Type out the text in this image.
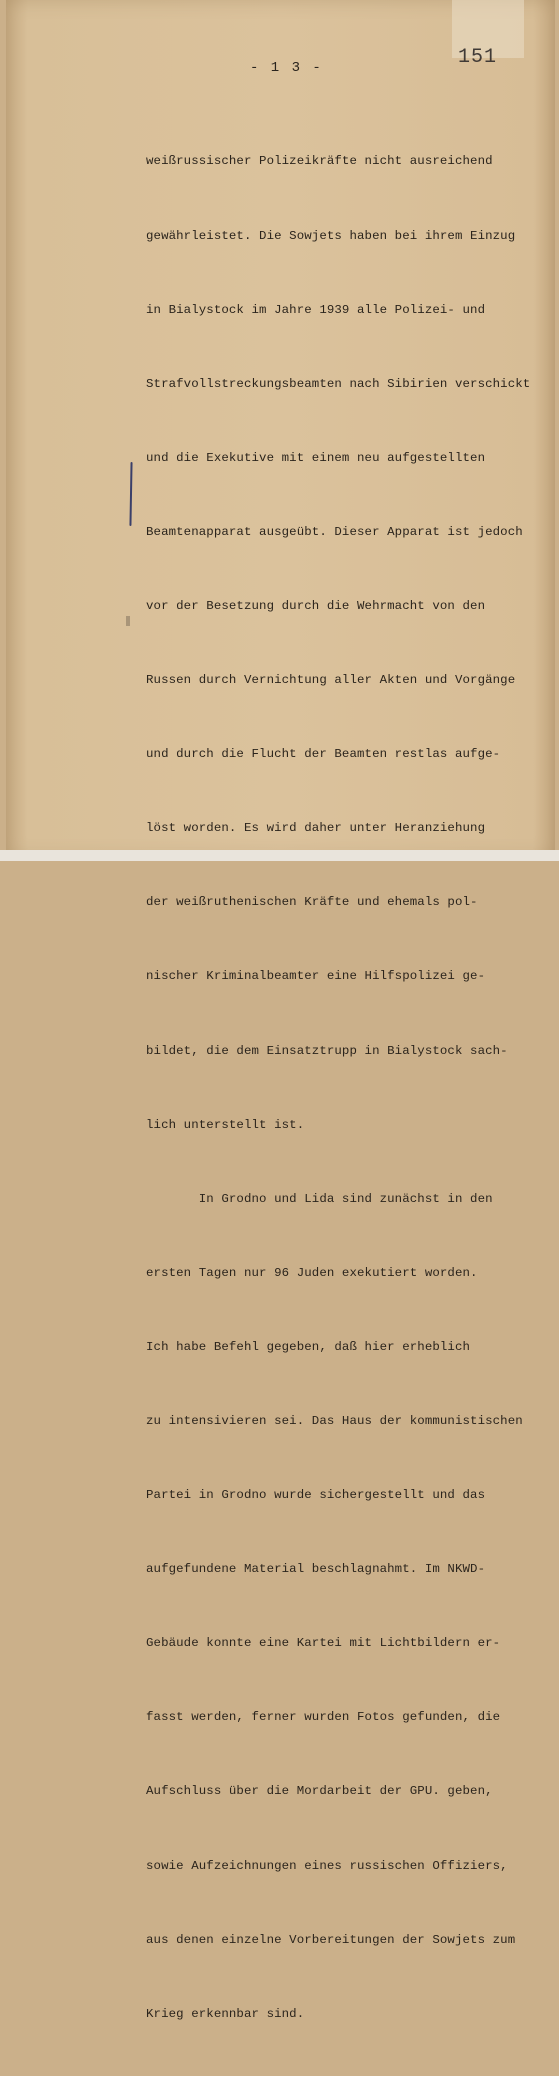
151
- 1 3 -

weißrussischer Polizeikräfte nicht ausreichend

gewährleistet. Die Sowjets haben bei ihrem Einzug

in Bialystock im Jahre 1939 alle Polizei- und

Strafvollstreckungsbeamten nach Sibirien verschickt

und die Exekutive mit einem neu aufgestellten

Beamtenapparat ausgeübt. Dieser Apparat ist jedoch

vor der Besetzung durch die Wehrmacht von den

Russen durch Vernichtung aller Akten und Vorgänge

und durch die Flucht der Beamten restlas aufge-

löst worden. Es wird daher unter Heranziehung

der weißruthenischen Kräfte und ehemals pol-

nischer Kriminalbeamter eine Hilfspolizei ge-

bildet, die dem Einsatztrupp in Bialystock sach-

lich unterstellt ist.

In Grodno und Lida sind zunächst in den

ersten Tagen nur 96 Juden exekutiert worden.

Ich habe Befehl gegeben, daß hier erheblich

zu intensivieren sei. Das Haus der kommunistischen

Partei in Grodno wurde sichergestellt und das

aufgefundene Material beschlagnahmt. Im NKWD-

Gebäude konnte eine Kartei mit Lichtbildern er-

fasst werden, ferner wurden Fotos gefunden, die

Aufschluss über die Mordarbeit der GPU. geben,

sowie Aufzeichnungen eines russischen Offiziers,

aus denen einzelne Vorbereitungen der Sowjets zum

Krieg erkennbar sind.
